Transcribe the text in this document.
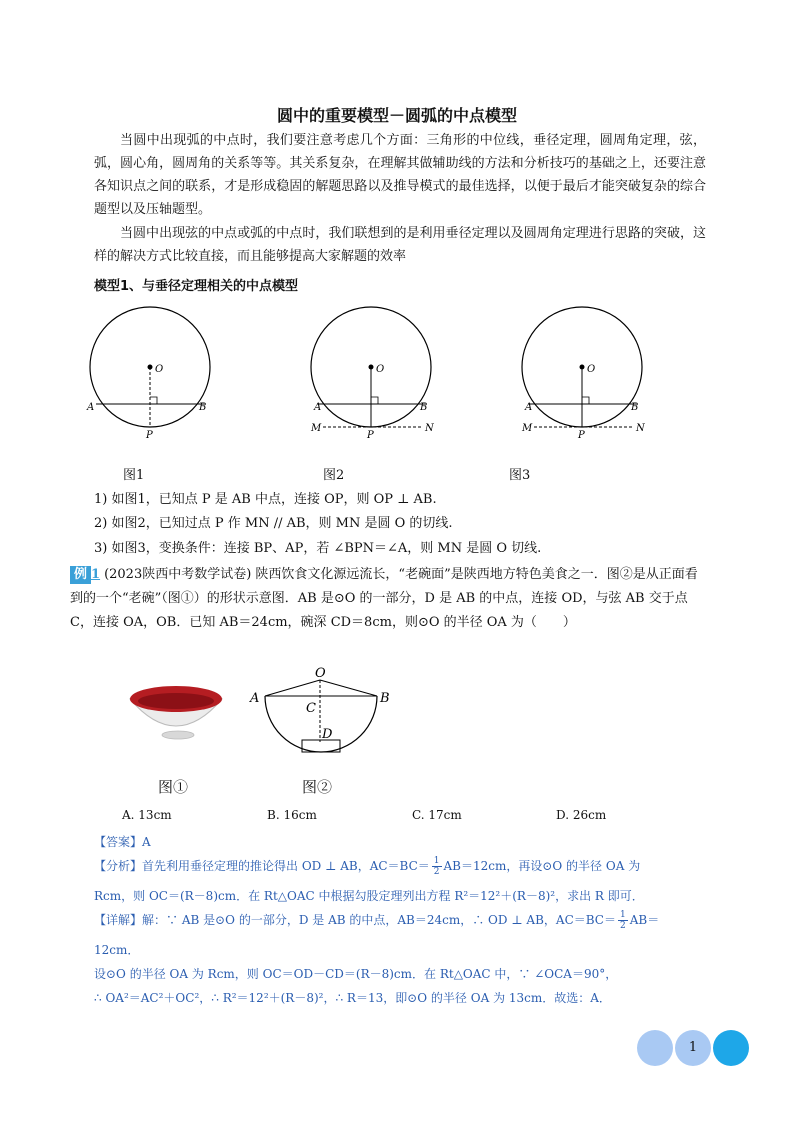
圆中的重要模型－圆弧的中点模型
当圆中出现弧的中点时，我们要注意考虑几个方面：三角形的中位线，垂径定理，圆周角定理，弦，弧，圆心角，圆周角的关系等等。其关系复杂，在理解其做辅助线的方法和分析技巧的基础之上，还要注意各知识点之间的联系，才是形成稳固的解题思路以及推导模式的最佳选择，以便于最后才能突破复杂的综合题型以及压轴题型。
当圆中出现弦的中点或弧的中点时，我们联想到的是利用垂径定理以及圆周角定理进行思路的突破，这样的解决方式比较直接，而且能够提高大家解题的效率
模型1、与垂径定理相关的中点模型
O
A	B
P
O
A	B
M	N
P
O
A	B
M	N
P
图1	图2	图3
1) 如图1，已知点 P 是 AB 中点，连接 OP，则 OP ⊥ AB.
2) 如图2，已知过点 P 作 MN // AB，则 MN 是圆 O 的切线.
3) 如图3，变换条件：连接 BP、AP，若 ∠BPN＝∠A，则 MN 是圆 O 切线.
例 1 (2023陕西中考数学试卷) 陕西饮食文化源远流长，“老碗面”是陕西地方特色美食之一．图②是从正面看到的一个“老碗”（图①）的形状示意图．AB 是⊙O 的一部分，D 是 AB 的中点，连接 OD，与弦 AB 交于点 C，连接 OA，OB．已知 AB＝24cm，碗深 CD＝8cm，则⊙O 的半径 OA 为（　　）
O
A	B
C
D
图①	图②
A. 13cm	B. 16cm	C. 17cm	D. 26cm
【答案】A
【分析】首先利用垂径定理的推论得出 OD ⊥ AB，$AC=BC= \frac{1}{2} AB=12cm$，再设⊙O 的半径 OA 为
Rcm，则 OC＝(R－8)cm．在 Rt△OAC 中根据勾股定理列出方程 R²＝12²＋(R－8)²，求出 R 即可．
【详解】解：∵ AB 是⊙O 的一部分，D 是 AB 的中点，AB＝24cm，∴ OD ⊥ AB，$AC=BC= \frac{1}{2} AB=$
12cm．
设⊙O 的半径 OA 为 Rcm，则 OC＝OD－CD＝(R－8)cm．在 Rt△OAC 中，∵ ∠OCA＝90°，
∴ OA²＝AC²＋OC²，∴ R²＝12²＋(R－8)²，∴ R＝13，即⊙O 的半径 OA 为 13cm．故选：A．
1
